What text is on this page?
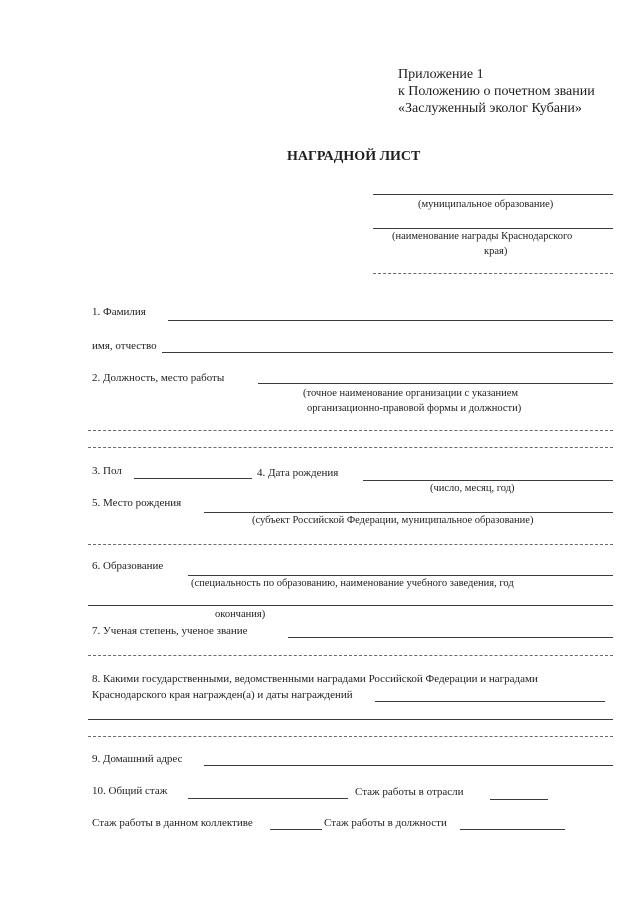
Приложение 1
к Положению о почетном звании
«Заслуженный эколог Кубани»
НАГРАДНОЙ ЛИСТ
(муниципальное образование)
(наименование награды Краснодарского
края)
1. Фамилия
имя, отчество
2. Должность, место работы
(точное наименование организации с указанием
организационно-правовой формы и должности)
3. Пол	4. Дата рождения
(число, месяц, год)
5. Место рождения
(субъект Российской Федерации, муниципальное образование)
6. Образование
(специальность по образованию, наименование учебного заведения, год
окончания)
7. Ученая степень, ученое звание
8. Какими государственными, ведомственными наградами Российской Федерации и наградами
Краснодарского края награжден(а) и даты награждений
9. Домашний адрес
10. Общий стаж	Стаж работы в отрасли
Стаж работы в данном коллективе	Стаж работы в должности
